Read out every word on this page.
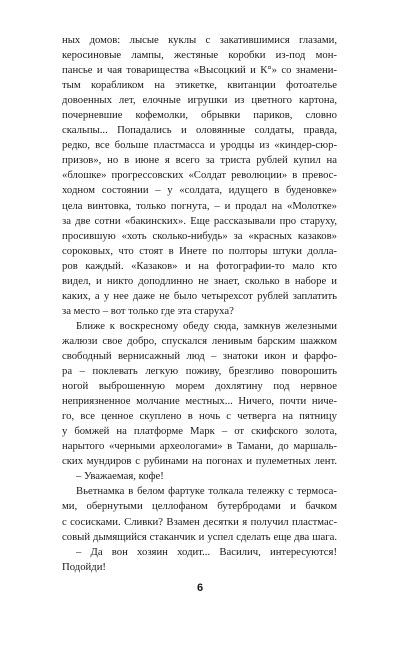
ных домов: лысые куклы с закатившимися глазами,
керосиновые лампы, жестяные коробки из-под мон-
пансье и чая товарищества «Высоцкий и К°» со знамени-
тым корабликом на этикетке, квитанции фотоателье
довоенных лет, елочные игрушки из цветного картона,
почерневшие кофемолки, обрывки париков, словно
скальпы... Попадались и оловянные солдаты, правда,
редко, все больше пластмасса и уродцы из «киндер-сюр-
призов», но в июне я всего за триста рублей купил на
«блошке» прогрессовских «Солдат революции» в превос-
ходном состоянии – у «солдата, идущего в буденовке»
цела винтовка, только погнута, – и продал на «Молотке»
за две сотни «бакинских». Еще рассказывали про старуху,
просившую «хоть сколько-нибудь» за «красных казаков»
сороковых, что стоят в Инете по полторы штуки долла-
ров каждый. «Казаков» и на фотографии-то мало кто
видел, и никто доподлинно не знает, сколько в наборе и
каких, а у нее даже не было четырехсот рублей заплатить
за место – вот только где эта старуха?
Ближе к воскресному обеду сюда, замкнув железными
жалюзи свое добро, спускался ленивым барским шажком
свободный вернисажный люд – знатоки икон и фарфо-
ра – поклевать легкую поживу, брезгливо поворошить
ногой выброшенную морем дохлятину под нервное
неприязненное молчание местных... Ничего, почти ниче-
го, все ценное скуплено в ночь с четверга на пятницу
у бомжей на платформе Марк – от скифского золота,
нарытого «черными археологами» в Тамани, до маршаль-
ских мундиров с рубинами на погонах и пулеметных лент.
– Уважаемая, кофе!
Вьетнамка в белом фартуке толкала тележку с термоса-
ми, обернутыми целлофаном бутербродами и бачком
с сосисками. Сливки? Взамен десятки я получил пластмас-
совый дымящийся стаканчик и успел сделать еще два шага.
– Да вон хозяин ходит... Василич, интересуются!
Подойди!
6
